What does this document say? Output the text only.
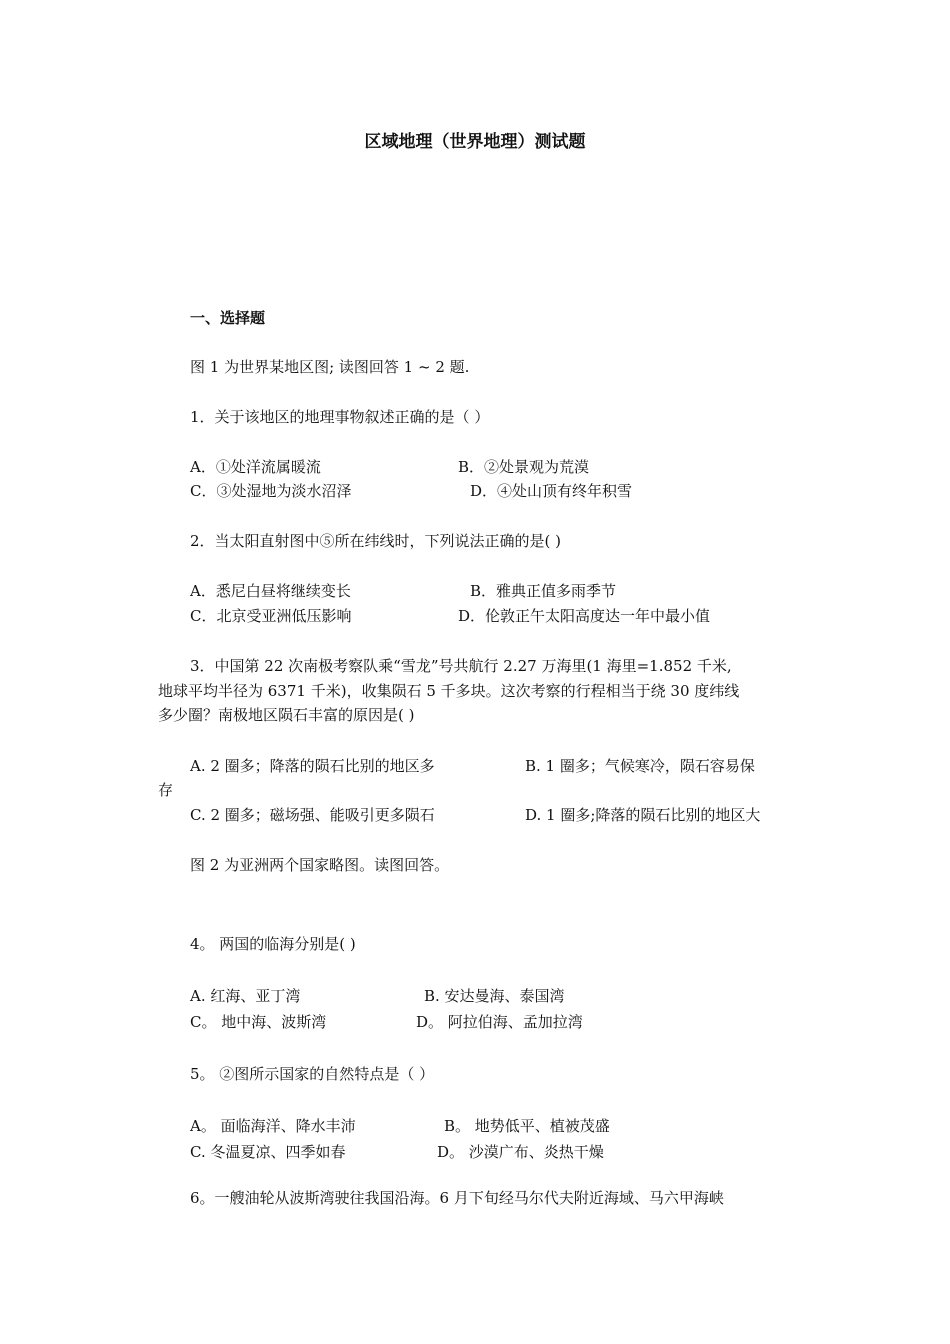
区域地理（世界地理）测试题
一、选择题
图 1 为世界某地区图; 读图回答 1 ~ 2 题.
1．关于该地区的地理事物叙述正确的是（ ）
A．①处洋流属暖流	B．②处景观为荒漠
C．③处湿地为淡水沼泽	D．④处山顶有终年积雪
2．当太阳直射图中⑤所在纬线时，下列说法正确的是( )
A．悉尼白昼将继续变长	B．雅典正值多雨季节
C．北京受亚洲低压影响	D．伦敦正午太阳高度达一年中最小值
3．中国第 22 次南极考察队乘“雪龙”号共航行 2.27 万海里(1 海里=1.852 千米,
地球平均半径为 6371 千米)，收集陨石 5 千多块。这次考察的行程相当于绕 30 度纬线
多少圈？南极地区陨石丰富的原因是( )
A. 2 圈多；降落的陨石比别的地区多	B. 1 圈多；气候寒冷，陨石容易保
存
C. 2 圈多；磁场强、能吸引更多陨石	D. 1 圈多;降落的陨石比别的地区大
图 2 为亚洲两个国家略图。读图回答。
4。 两国的临海分别是( )
A. 红海、亚丁湾	B. 安达曼海、泰国湾
C。 地中海、波斯湾	D。 阿拉伯海、孟加拉湾
5。 ②图所示国家的自然特点是（ ）
A。 面临海洋、降水丰沛	B。 地势低平、植被茂盛
C. 冬温夏凉、四季如春	D。 沙漠广布、炎热干燥
6。一艘油轮从波斯湾驶往我国沿海。6 月下旬经马尔代夫附近海域、马六甲海峡
